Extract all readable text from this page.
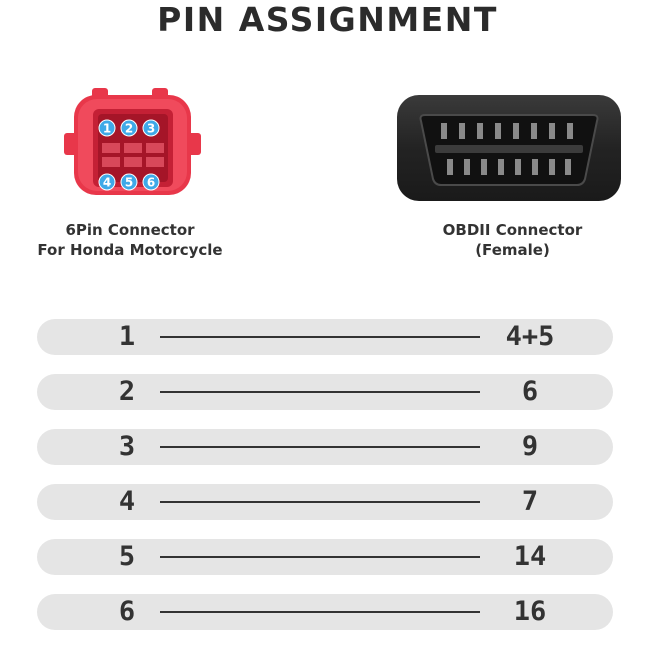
PIN ASSIGNMENT
1 2 3
4 5 6
6Pin Connector
For Honda Motorcycle
OBDII Connector
(Female)
1	4+5
2	6
3	9
4	7
5	14
6	16
